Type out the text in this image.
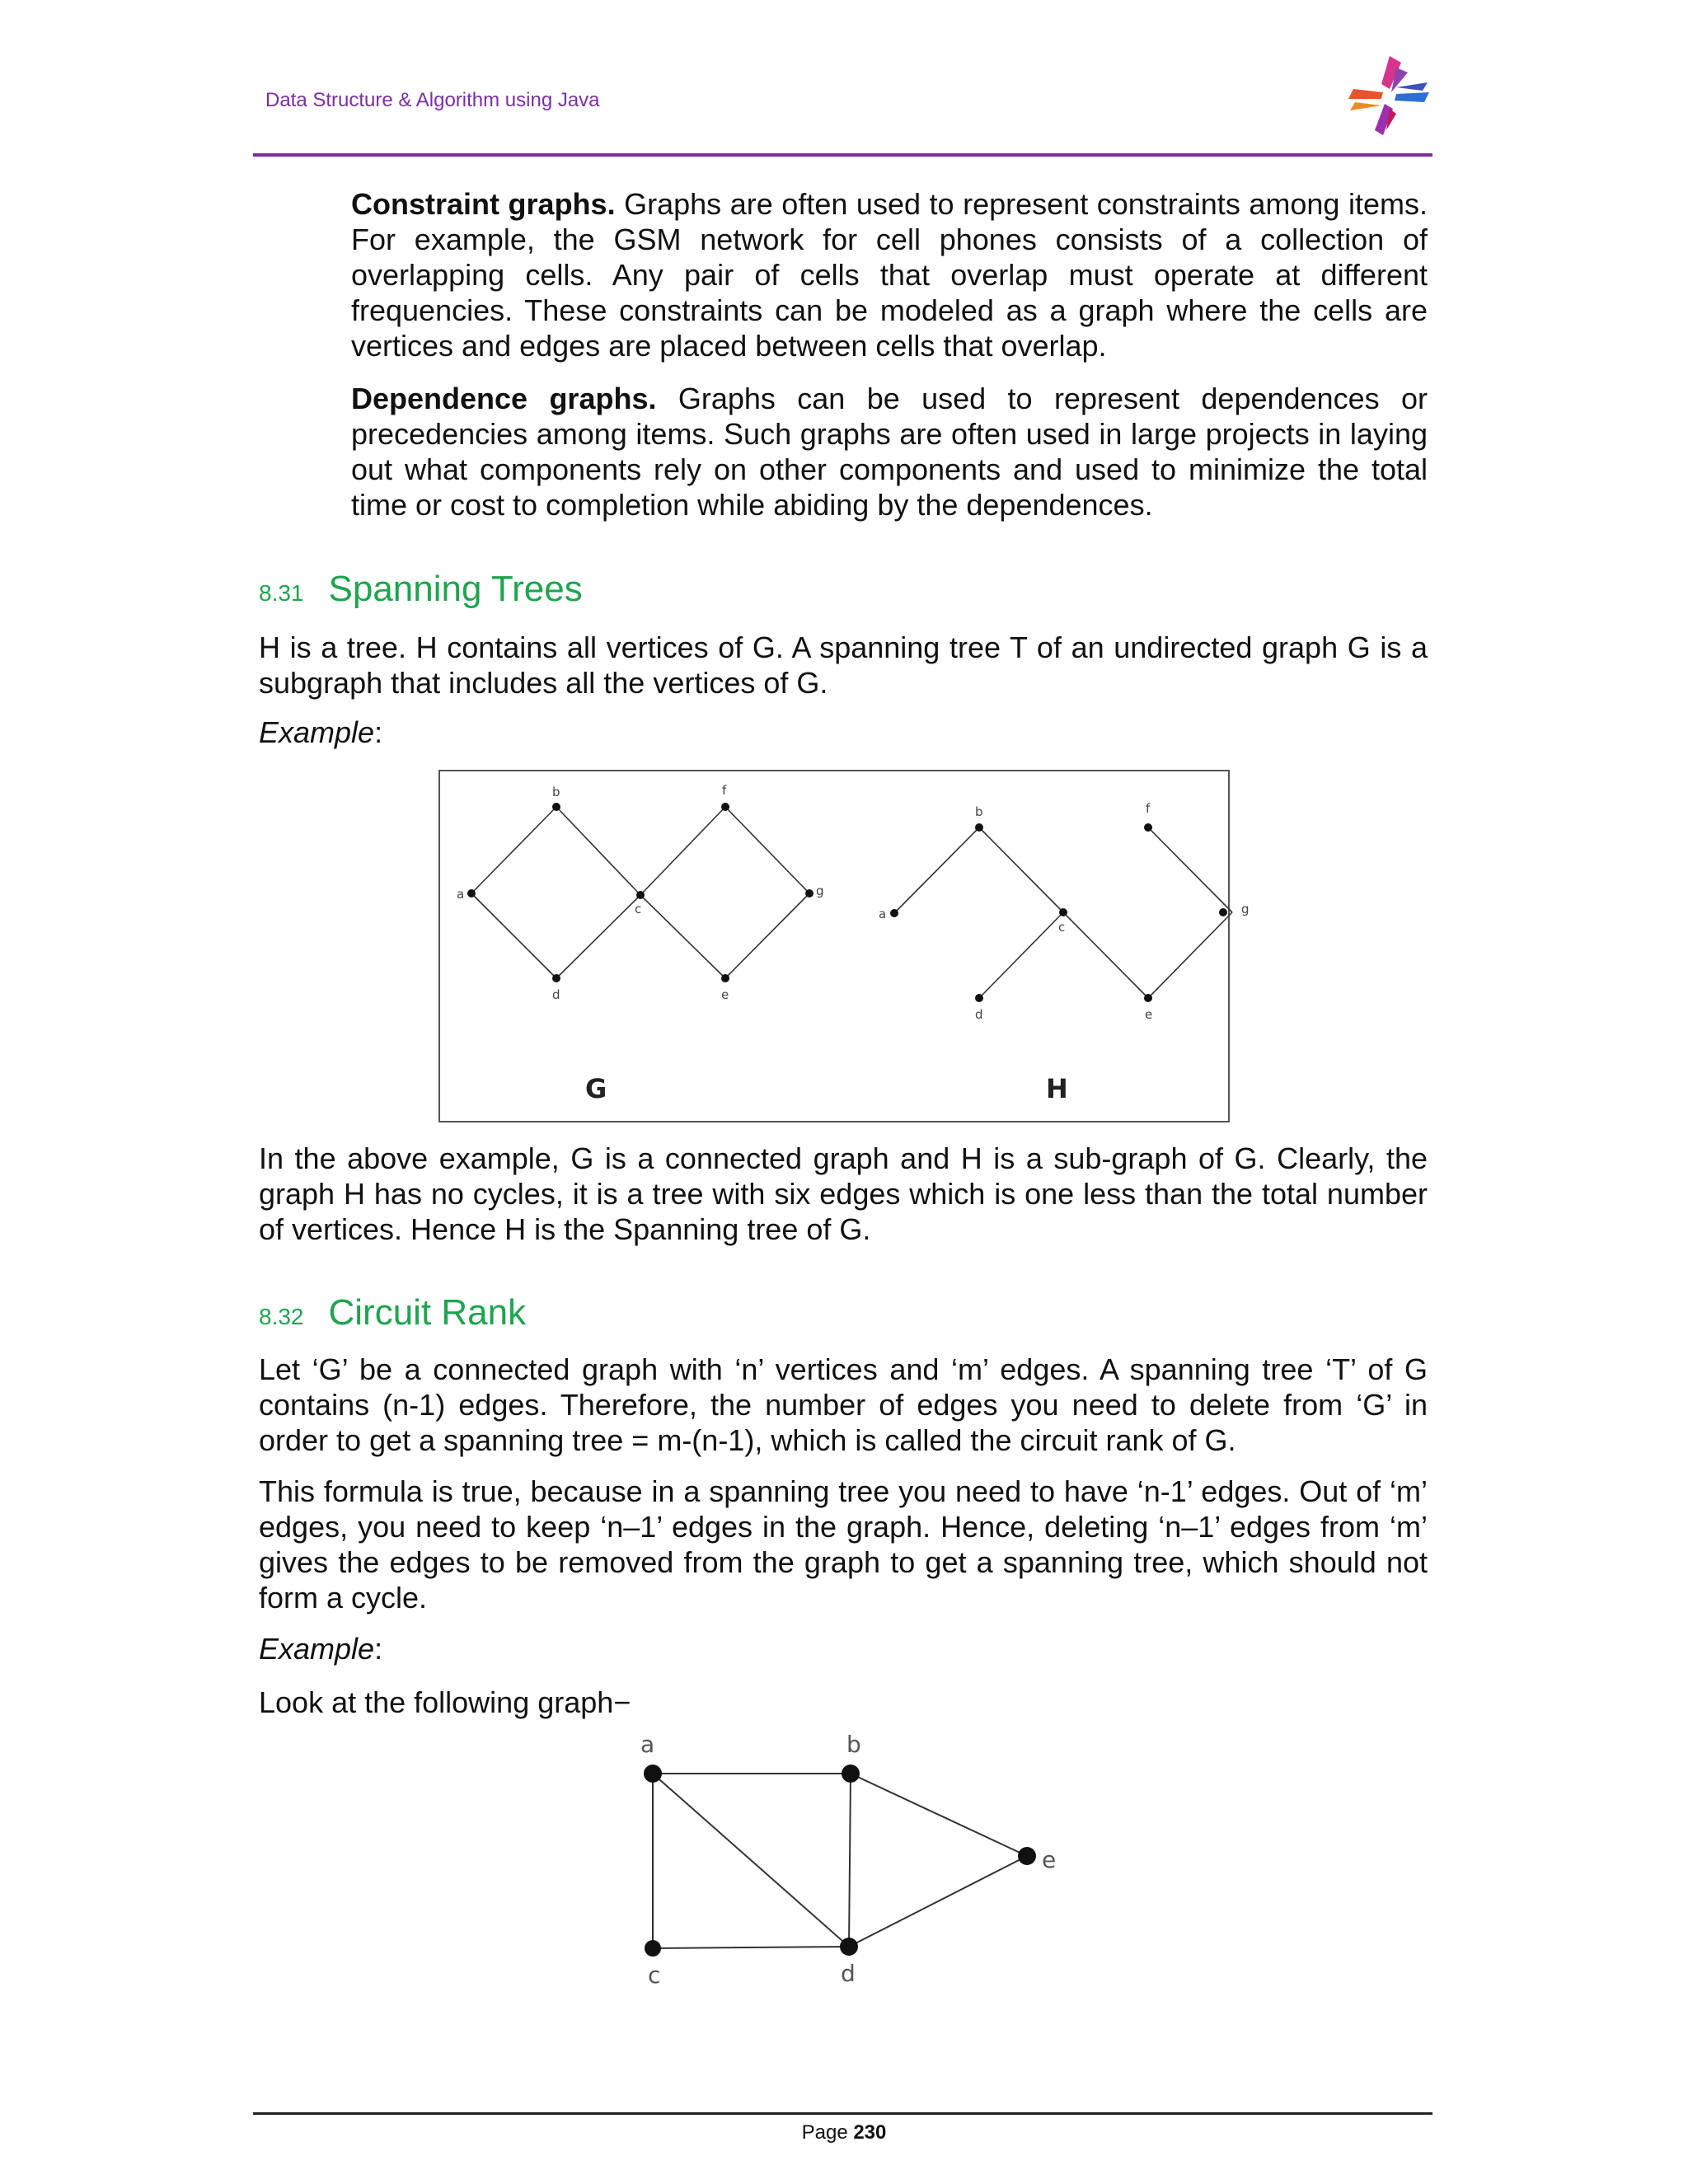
Data Structure & Algorithm using Java

Constraint graphs. Graphs are often used to represent constraints among items. For example, the GSM network for cell phones consists of a collection of overlapping cells. Any pair of cells that overlap must operate at different frequencies. These constraints can be modeled as a graph where the cells are vertices and edges are placed between cells that overlap.

Dependence graphs. Graphs can be used to represent dependences or precedencies among items. Such graphs are often used in large projects in laying out what components rely on other components and used to minimize the total time or cost to completion while abiding by the dependences.

8.31 Spanning Trees

H is a tree. H contains all vertices of G. A spanning tree T of an undirected graph G is a subgraph that includes all the vertices of G.

Example:
b	f
a	g
c
d	e
b	f
a
c
d	e
g
G	H

In the above example, G is a connected graph and H is a sub-graph of G. Clearly, the graph H has no cycles, it is a tree with six edges which is one less than the total number of vertices. Hence H is the Spanning tree of G.

8.32 Circuit Rank

Let ‘G’ be a connected graph with ‘n’ vertices and ‘m’ edges. A spanning tree ‘T’ of G contains (n-1) edges. Therefore, the number of edges you need to delete from ‘G’ in order to get a spanning tree = m-(n-1), which is called the circuit rank of G.

This formula is true, because in a spanning tree you need to have ‘n-1’ edges. Out of ‘m’ edges, you need to keep ‘n–1’ edges in the graph. Hence, deleting ‘n–1’ edges from ‘m’ gives the edges to be removed from the graph to get a spanning tree, which should not form a cycle.

Example:

Look at the following graph−

a	b
c	d
e
Page 230
